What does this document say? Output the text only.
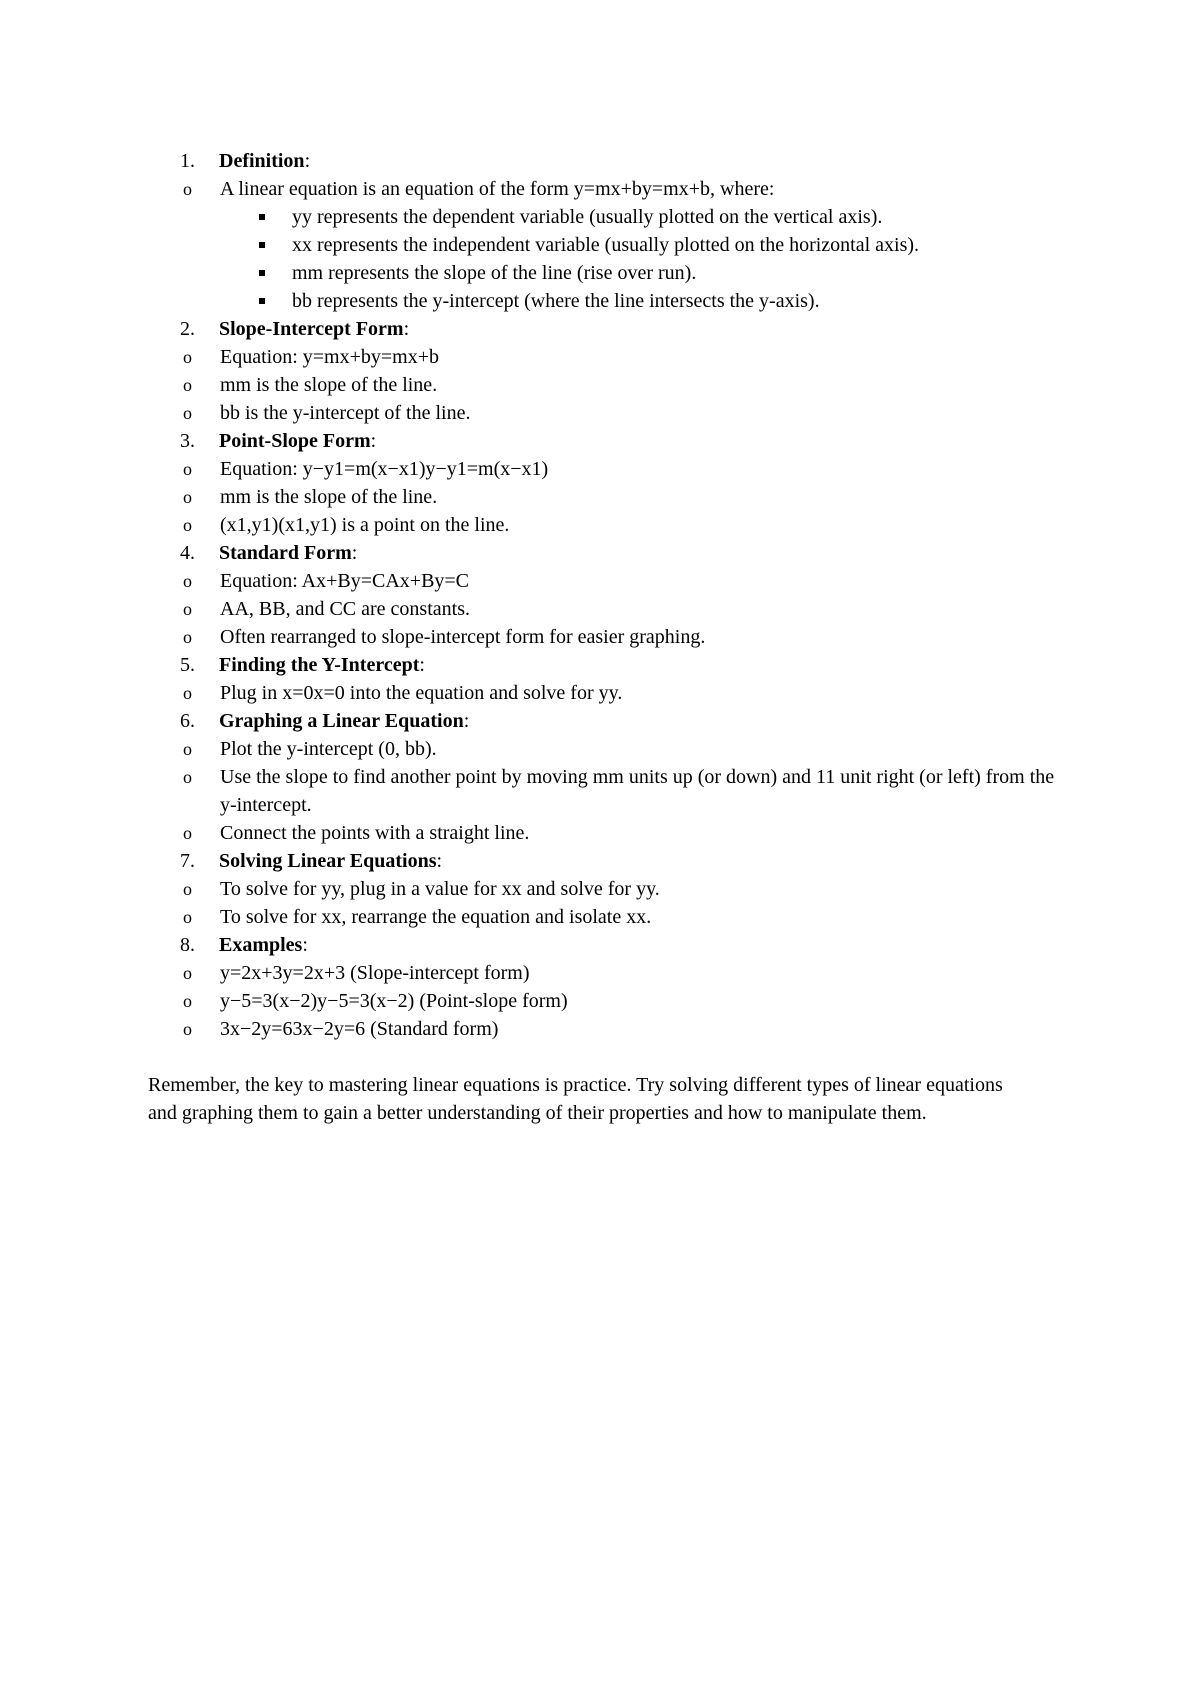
1.	Definition:
o A linear equation is an equation of the form y=mx+by=mx+b, where:
yy represents the dependent variable (usually plotted on the vertical axis).
xx represents the independent variable (usually plotted on the horizontal axis).
mm represents the slope of the line (rise over run).
bb represents the y-intercept (where the line intersects the y-axis).
2.	Slope-Intercept Form:
o Equation: y=mx+by=mx+b
o mm is the slope of the line.
o bb is the y-intercept of the line.
3.	Point-Slope Form:
o Equation: y−y1=m(x−x1)y−y1=m(x−x1)
o mm is the slope of the line.
o (x1,y1)(x1,y1) is a point on the line.
4.	Standard Form:
o Equation: Ax+By=CAx+By=C
o AA, BB, and CC are constants.
o Often rearranged to slope-intercept form for easier graphing.
5.	Finding the Y-Intercept:
o Plug in x=0x=0 into the equation and solve for yy.
6.	Graphing a Linear Equation:
o Plot the y-intercept (0, bb).
o Use the slope to find another point by moving mm units up (or down) and 11 unit right (or left) from the y-intercept.
o Connect the points with a straight line.
7.	Solving Linear Equations:
o To solve for yy, plug in a value for xx and solve for yy.
o To solve for xx, rearrange the equation and isolate xx.
8.	Examples:
o y=2x+3y=2x+3 (Slope-intercept form)
o y−5=3(x−2)y−5=3(x−2) (Point-slope form)
o 3x−2y=63x−2y=6 (Standard form)

Remember, the key to mastering linear equations is practice. Try solving different types of linear equations and graphing them to gain a better understanding of their properties and how to manipulate them.
